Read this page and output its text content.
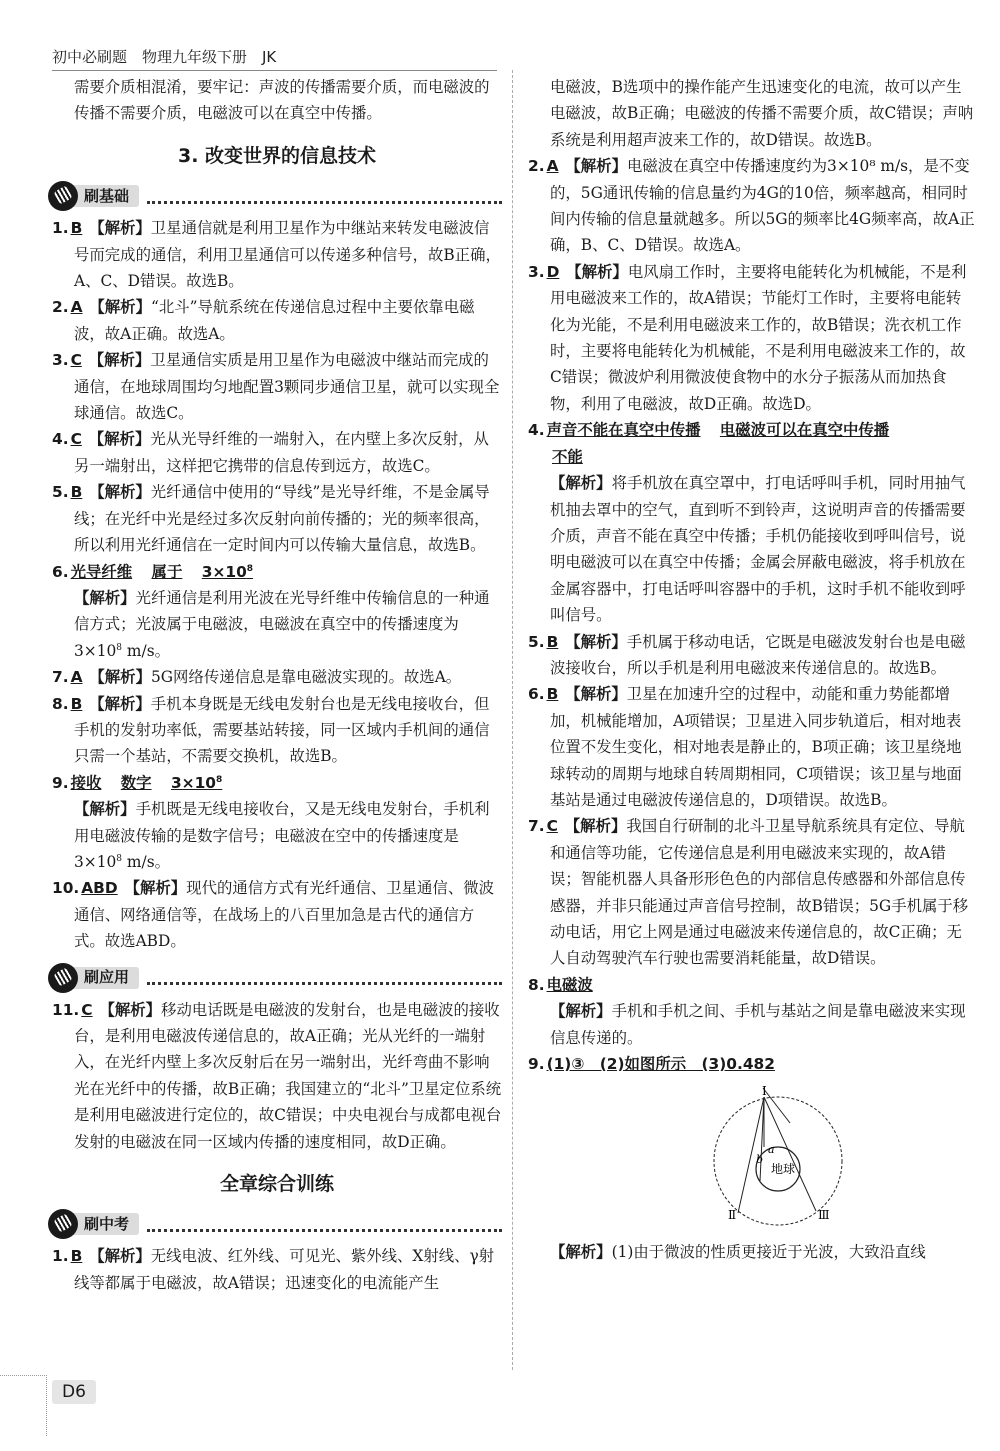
初中必刷题　物理九年级下册　JK

需要介质相混淆，要牢记：声波的传播需要介质，而电磁波的传播不需要介质，电磁波可以在真空中传播。

3. 改变世界的信息技术
刷基础

1. B 【解析】卫星通信就是利用卫星作为中继站来转发电磁波信号而完成的通信，利用卫星通信可以传递多种信号，故B正确，A、C、D错误。故选B。

2. A 【解析】“北斗”导航系统在传递信息过程中主要依靠电磁波，故A正确。故选A。

3. C 【解析】卫星通信实质是用卫星作为电磁波中继站而完成的通信，在地球周围均匀地配置3颗同步通信卫星，就可以实现全球通信。故选C。

4. C 【解析】光从光导纤维的一端射入，在内壁上多次反射，从另一端射出，这样把它携带的信息传到远方，故选C。

5. B 【解析】光纤通信中使用的“导线”是光导纤维，不是金属导线；在光纤中光是经过多次反射向前传播的；光的频率很高，所以利用光纤通信在一定时间内可以传输大量信息，故选B。

6. 光导纤维　 属于　 $3\times 10^8$

【解析】光纤通信是利用光波在光导纤维中传输信息的一种通信方式；光波属于电磁波，电磁波在真空中的传播速度为 $3\times 10^8$ m/s。

7. A 【解析】5G网络传递信息是靠电磁波实现的。故选A。

8. B 【解析】手机本身既是无线电发射台也是无线电接收台，但手机的发射功率低，需要基站转接，同一区域内手机间的通信只需一个基站，不需要交换机，故选B。

9. 接收　 数字　 $3\times 10^8$

【解析】手机既是无线电接收台，又是无线电发射台，手机利用电磁波传输的是数字信号；电磁波在空中的传播速度是 $3\times 10^8$ m/s。

10. ABD 【解析】现代的通信方式有光纤通信、卫星通信、微波通信、网络通信等，在战场上的八百里加急是古代的通信方式。故选ABD。

刷应用

11. C 【解析】移动电话既是电磁波的发射台，也是电磁波的接收台，是利用电磁波传递信息的，故A正确；光从光纤的一端射入，在光纤内壁上多次反射后在另一端射出，光纤弯曲不影响光在光纤中的传播，故B正确；我国建立的“北斗”卫星定位系统是利用电磁波进行定位的，故C错误；中央电视台与成都电视台发射的电磁波在同一区域内传播的速度相同，故D正确。

全章综合训练
刷中考

1. B 【解析】无线电波、红外线、可见光、紫外线、X射线、γ射线等都属于电磁波，故A错误；迅速变化的电流能产生

电磁波，B选项中的操作能产生迅速变化的电流，故可以产生电磁波，故B正确；电磁波的传播不需要介质，故C错误；声呐系统是利用超声波来工作的，故D错误。故选B。

2. A 【解析】电磁波在真空中传播速度约为3×10⁸ m/s，是不变的，5G通讯传输的信息量约为4G的10倍，频率越高，相同时间内传输的信息量就越多。所以5G的频率比4G频率高，故A正确，B、C、D错误。故选A。

3. D 【解析】电风扇工作时，主要将电能转化为机械能，不是利用电磁波来工作的，故A错误；节能灯工作时，主要将电能转化为光能，不是利用电磁波来工作的，故B错误；洗衣机工作时，主要将电能转化为机械能，不是利用电磁波来工作的，故C错误；微波炉利用微波使食物中的水分子振荡从而加热食物，利用了电磁波，故D正确。故选D。

4. 声音不能在真空中传播　 电磁波可以在真空中传播
不能

【解析】将手机放在真空罩中，打电话呼叫手机，同时用抽气机抽去罩中的空气，直到听不到铃声，这说明声音的传播需要介质，声音不能在真空中传播；手机仍能接收到呼叫信号，说明电磁波可以在真空中传播；金属会屏蔽电磁波，将手机放在金属容器中，打电话呼叫容器中的手机，这时手机不能收到呼叫信号。

5. B 【解析】手机属于移动电话，它既是电磁波发射台也是电磁波接收台，所以手机是利用电磁波来传递信息的。故选B。

6. B 【解析】卫星在加速升空的过程中，动能和重力势能都增加，机械能增加，A项错误；卫星进入同步轨道后，相对地表位置不发生变化，相对地表是静止的，B项正确；该卫星绕地球转动的周期与地球自转周期相同，C项错误；该卫星与地面基站是通过电磁波传递信息的，D项错误。故选B。

7. C 【解析】我国自行研制的北斗卫星导航系统具有定位、导航和通信等功能，它传递信息是利用电磁波来实现的，故A错误；智能机器人具备形形色色的内部信息传感器和外部信息传感器，并非只能通过声音信号控制，故B错误；5G手机属于移动电话，用它上网是通过电磁波来传递信息的，故C正确；无人自动驾驶汽车行驶也需要消耗能量，故D错误。

8. 电磁波

【解析】手机和手机之间、手机与基站之间是靠电磁波来实现信息传递的。

9. (1)③　(2)如图所示　(3)0.482

地球
Ⅰ
Ⅱ	Ⅲ
a
b

【解析】(1)由于微波的性质更接近于光波，大致沿直线

D6
